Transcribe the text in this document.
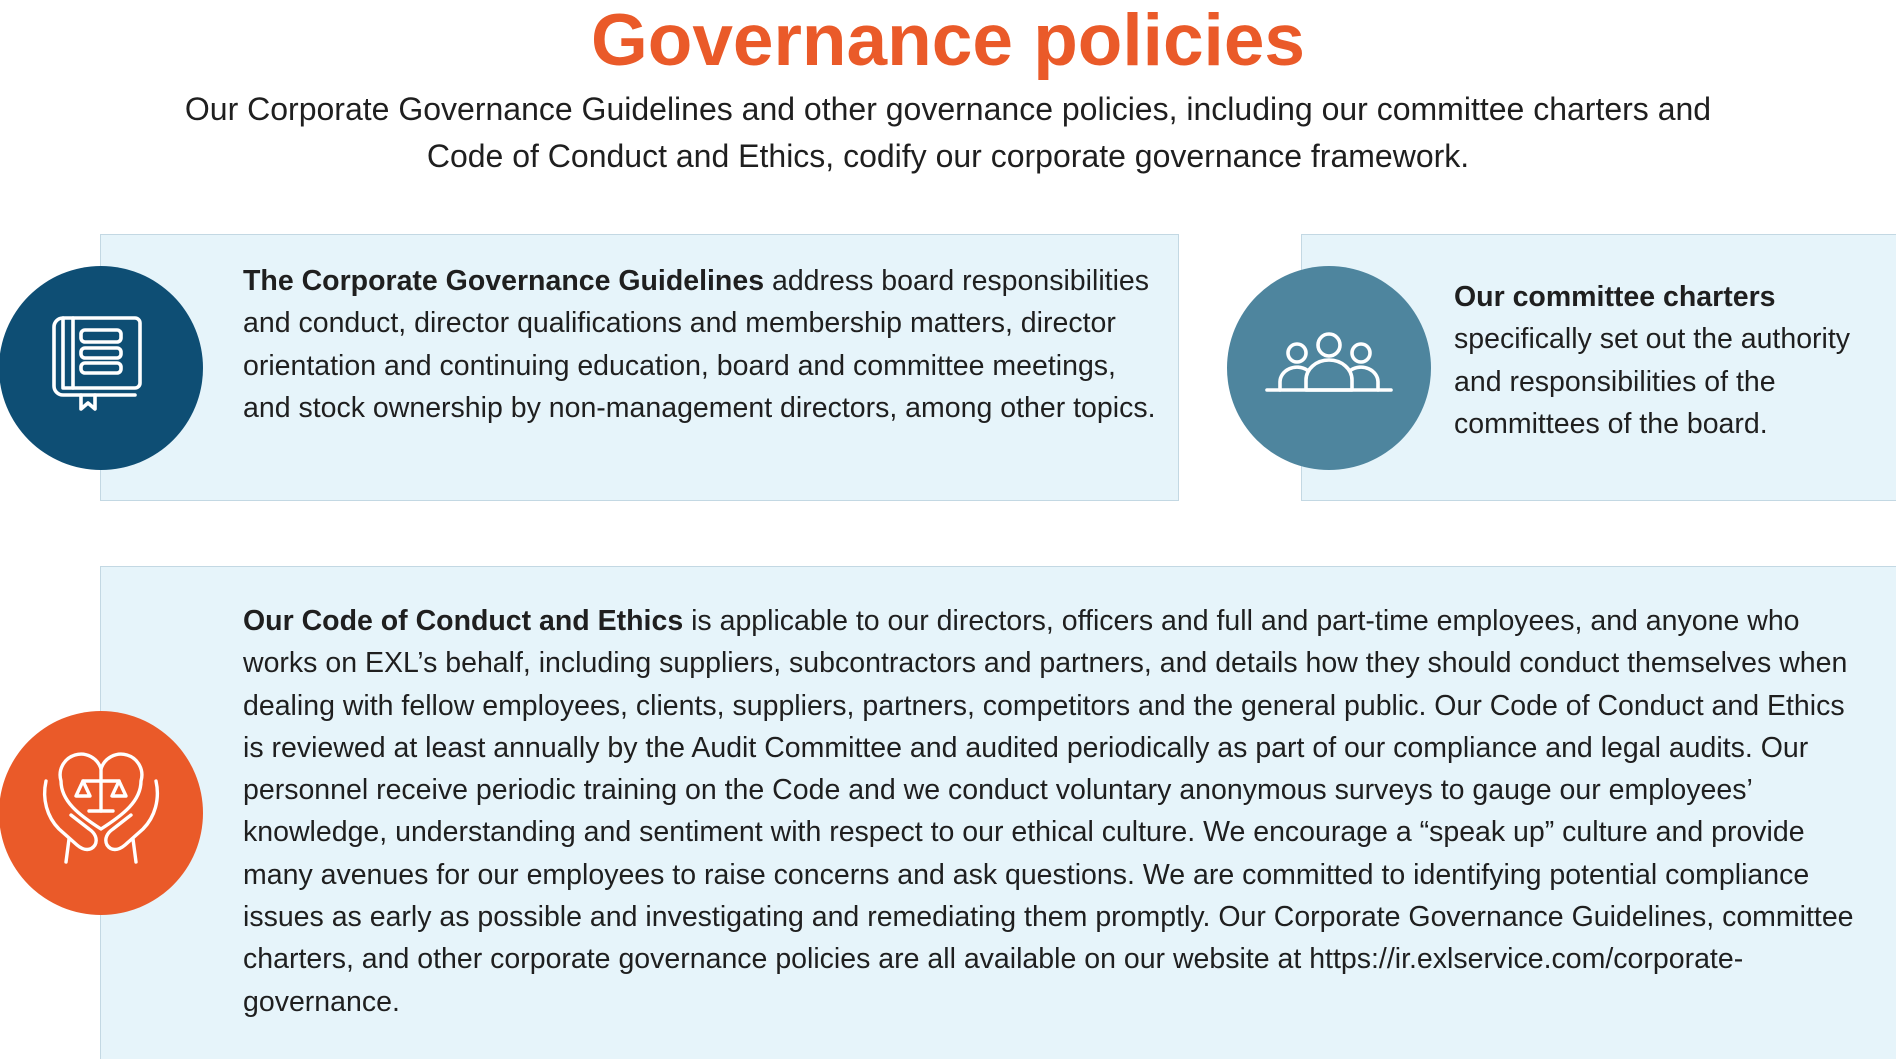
Governance policies

Our Corporate Governance Guidelines and other governance policies, including our committee charters and Code of Conduct and Ethics, codify our corporate governance framework.

The Corporate Governance Guidelines address board responsibilities and conduct, director qualifications and membership matters, director orientation and continuing education, board and committee meetings, and stock ownership by non-management directors, among other topics.

Our committee charters
specifically set out the authority and responsibilities of the committees of the board.

Our Code of Conduct and Ethics is applicable to our directors, officers and full and part-time employees, and anyone who works on EXL’s behalf, including suppliers, subcontractors and partners, and details how they should conduct themselves when dealing with fellow employees, clients, suppliers, partners, competitors and the general public. Our Code of Conduct and Ethics is reviewed at least annually by the Audit Committee and audited periodically as part of our compliance and legal audits. Our personnel receive periodic training on the Code and we conduct voluntary anonymous surveys to gauge our employees’ knowledge, understanding and sentiment with respect to our ethical culture. We encourage a “speak up” culture and provide many avenues for our employees to raise concerns and ask questions. We are committed to identifying potential compliance issues as early as possible and investigating and remediating them promptly. Our Corporate Governance Guidelines, committee charters, and other corporate governance policies are all available on our website at https://ir.exlservice.com/corporate-governance.
